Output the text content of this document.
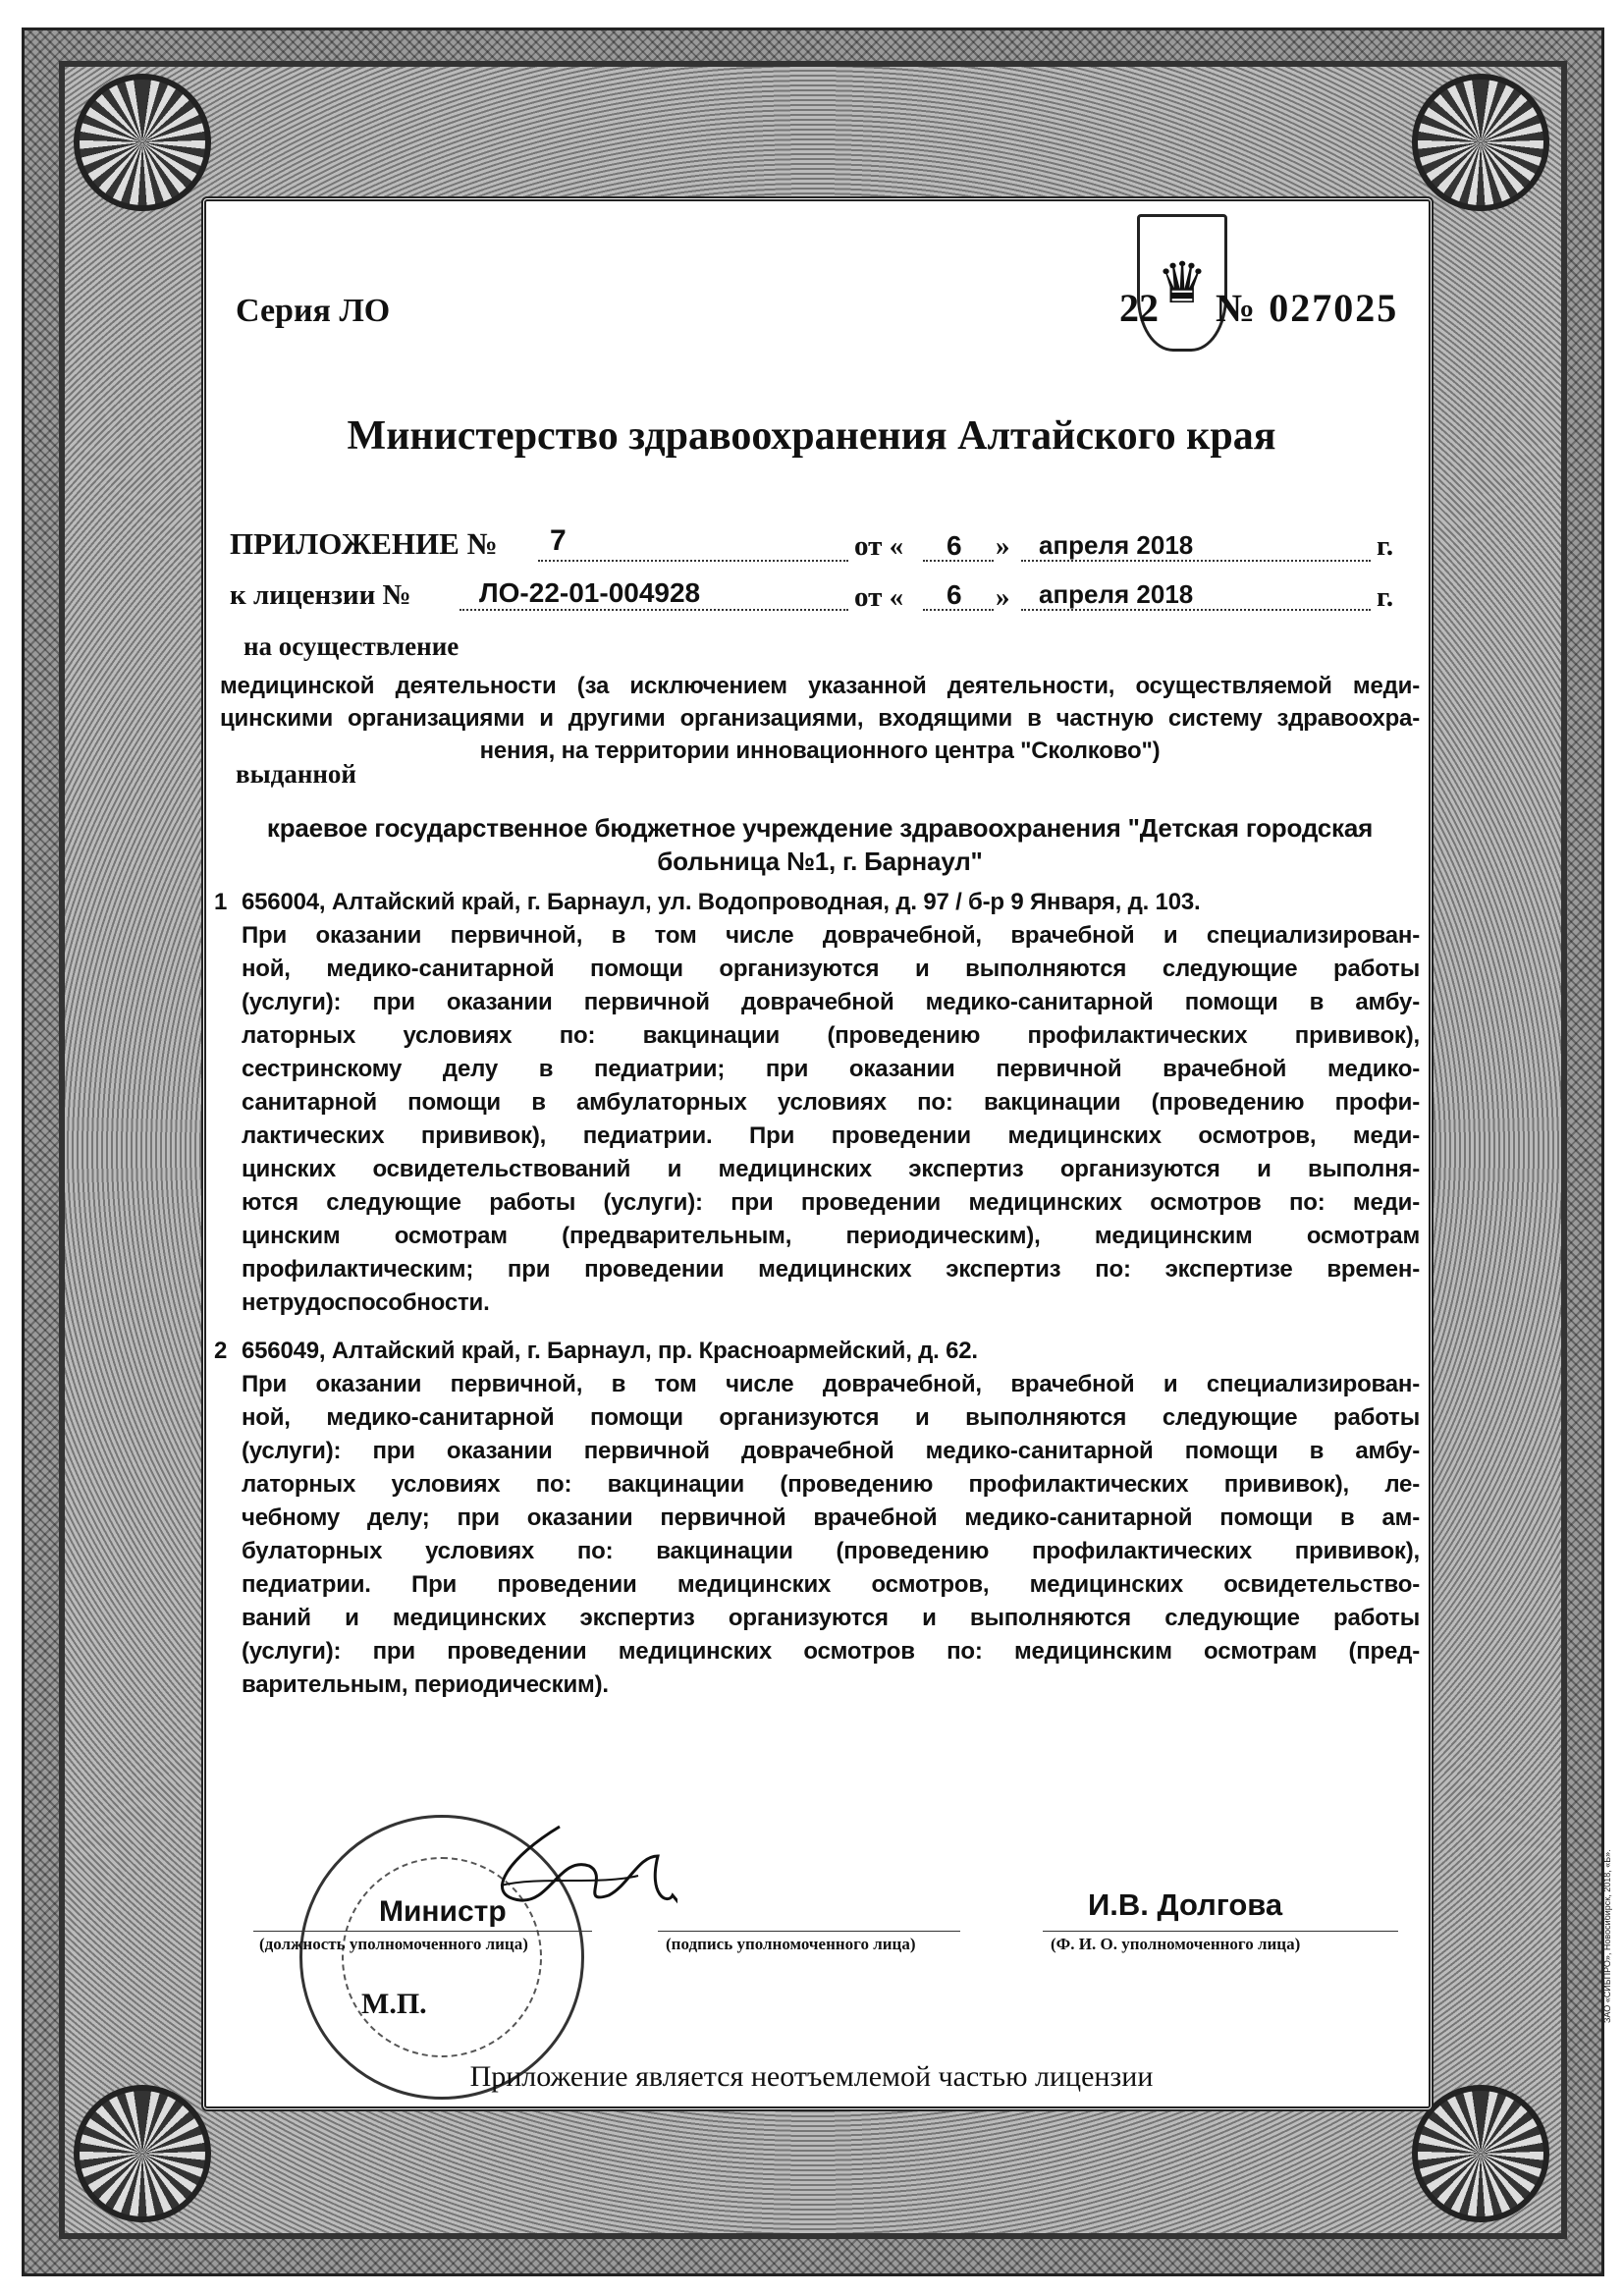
♛
Серия ЛО	22 № 027025
Министерство здравоохранения Алтайского края
ПРИЛОЖЕНИЕ № 7	от « 6 » апреля 2018	г.
к лицензии № ЛО-22-01-004928	от « 6 » апреля 2018	г.
на осуществление
медицинской деятельности (за исключением указанной деятельности, осуществляемой меди-
цинскими организациями и другими организациями, входящими в частную систему здравоохра-
нения, на территории инновационного центра "Сколково")
выданной
краевое государственное бюджетное учреждение здравоохранения "Детская городская
больница №1, г. Барнаул"
1 656004, Алтайский край, г. Барнаул, ул. Водопроводная, д. 97 / б-р 9 Января, д. 103.
При оказании первичной, в том числе доврачебной, врачебной и специализирован-
ной, медико-санитарной помощи организуются и выполняются следующие работы
(услуги): при оказании первичной доврачебной медико-санитарной помощи в амбу-
латорных условиях по: вакцинации (проведению профилактических прививок),
сестринскому делу в педиатрии; при оказании первичной врачебной медико-
санитарной помощи в амбулаторных условиях по: вакцинации (проведению профи-
лактических прививок), педиатрии. При проведении медицинских осмотров, меди-
цинских освидетельствований и медицинских экспертиз организуются и выполня-
ются следующие работы (услуги): при проведении медицинских осмотров по: меди-
цинским осмотрам (предварительным, периодическим), медицинским осмотрам
профилактическим; при проведении медицинских экспертиз по: экспертизе времен-
нетрудоспособности.
2 656049, Алтайский край, г. Барнаул, пр. Красноармейский, д. 62.
При оказании первичной, в том числе доврачебной, врачебной и специализирован-
ной, медико-санитарной помощи организуются и выполняются следующие работы
(услуги): при оказании первичной доврачебной медико-санитарной помощи в амбу-
латорных условиях по: вакцинации (проведению профилактических прививок), ле-
чебному делу; при оказании первичной врачебной медико-санитарной помощи в ам-
булаторных условиях по: вакцинации (проведению профилактических прививок),
педиатрии. При проведении медицинских осмотров, медицинских освидетельство-
ваний и медицинских экспертиз организуются и выполняются следующие работы
(услуги): при проведении медицинских осмотров по: медицинским осмотрам (пред-
варительным, периодическим).
Министр
(должность уполномоченного лица)	(подпись уполномоченного лица)
И.В. Долгова
(Ф. И. О. уполномоченного лица)
М.П.
Приложение является неотъемлемой частью лицензии
ЗАО «СИБПРО», Новосибирск, 2018, «Б».
